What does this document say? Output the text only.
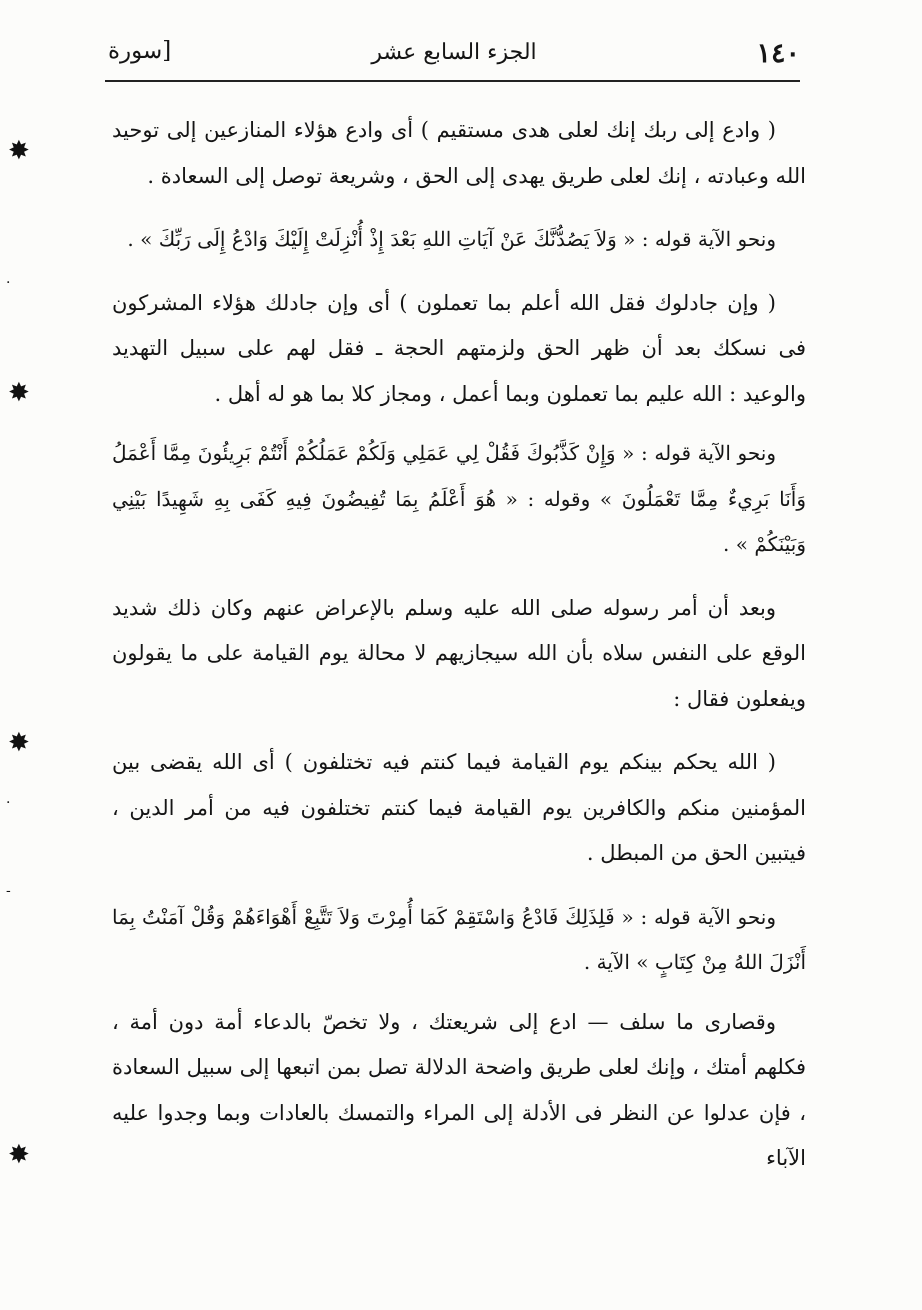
١٤٠
الجزء السابع عشر
[سورة

( وادع إلى ربك إنك لعلى هدى مستقيم ) أى وادع هؤلاء المنازعين إلى توحيد الله وعبادته ، إنك لعلى طريق يهدى إلى الحق ، وشريعة توصل إلى السعادة .

ونحو الآية قوله : « وَلاَ يَصُدُّنَّكَ عَنْ آيَاتِ اللهِ بَعْدَ إِذْ أُنْزِلَتْ إِلَيْكَ وَادْعُ إِلَى رَبِّكَ » .

( وإن جادلوك فقل الله أعلم بما تعملون ) أى وإن جادلك هؤلاء المشركون فى نسكك بعد أن ظهر الحق ولزمتهم الحجة ـ فقل لهم على سبيل التهديد والوعيد : الله عليم بما تعملون وبما أعمل ، ومجاز كلا بما هو له أهل .

ونحو الآية قوله : « وَإِنْ كَذَّبُوكَ فَقُلْ لِي عَمَلِي وَلَكُمْ عَمَلُكُمْ أَنْتُمْ بَرِيئُونَ مِمَّا أَعْمَلُ وَأَنَا بَرِيءٌ مِمَّا تَعْمَلُونَ » وقوله : « هُوَ أَعْلَمُ بِمَا تُفِيضُونَ فِيهِ كَفَى بِهِ شَهِيدًا بَيْنِي وَبَيْنَكُمْ » .

وبعد أن أمر رسوله صلى الله عليه وسلم بالإعراض عنهم وكان ذلك شديد الوقع على النفس سلاه بأن الله سيجازيهم لا محالة يوم القيامة على ما يقولون ويفعلون فقال :

( الله يحكم بينكم يوم القيامة فيما كنتم فيه تختلفون ) أى الله يقضى بين المؤمنين منكم والكافرين يوم القيامة فيما كنتم تختلفون فيه من أمر الدين ، فيتبين الحق من المبطل .

ونحو الآية قوله : « فَلِذَلِكَ فَادْعُ وَاسْتَقِمْ كَمَا أُمِرْتَ وَلاَ تَتَّبِعْ أَهْوَاءَهُمْ وَقُلْ آمَنْتُ بِمَا أَنْزَلَ اللهُ مِنْ كِتَابٍ » الآية .

وقصارى ما سلف — ادع إلى شريعتك ، ولا تخصّ بالدعاء أمة دون أمة ، فكلهم أمتك ، وإنك لعلى طريق واضحة الدلالة تصل بمن اتبعها إلى سبيل السعادة ، فإن عدلوا عن النظر فى الأدلة إلى المراء والتمسك بالعادات وبما وجدوا عليه الآباء

✸
·
✸
✸
·
-
✸
